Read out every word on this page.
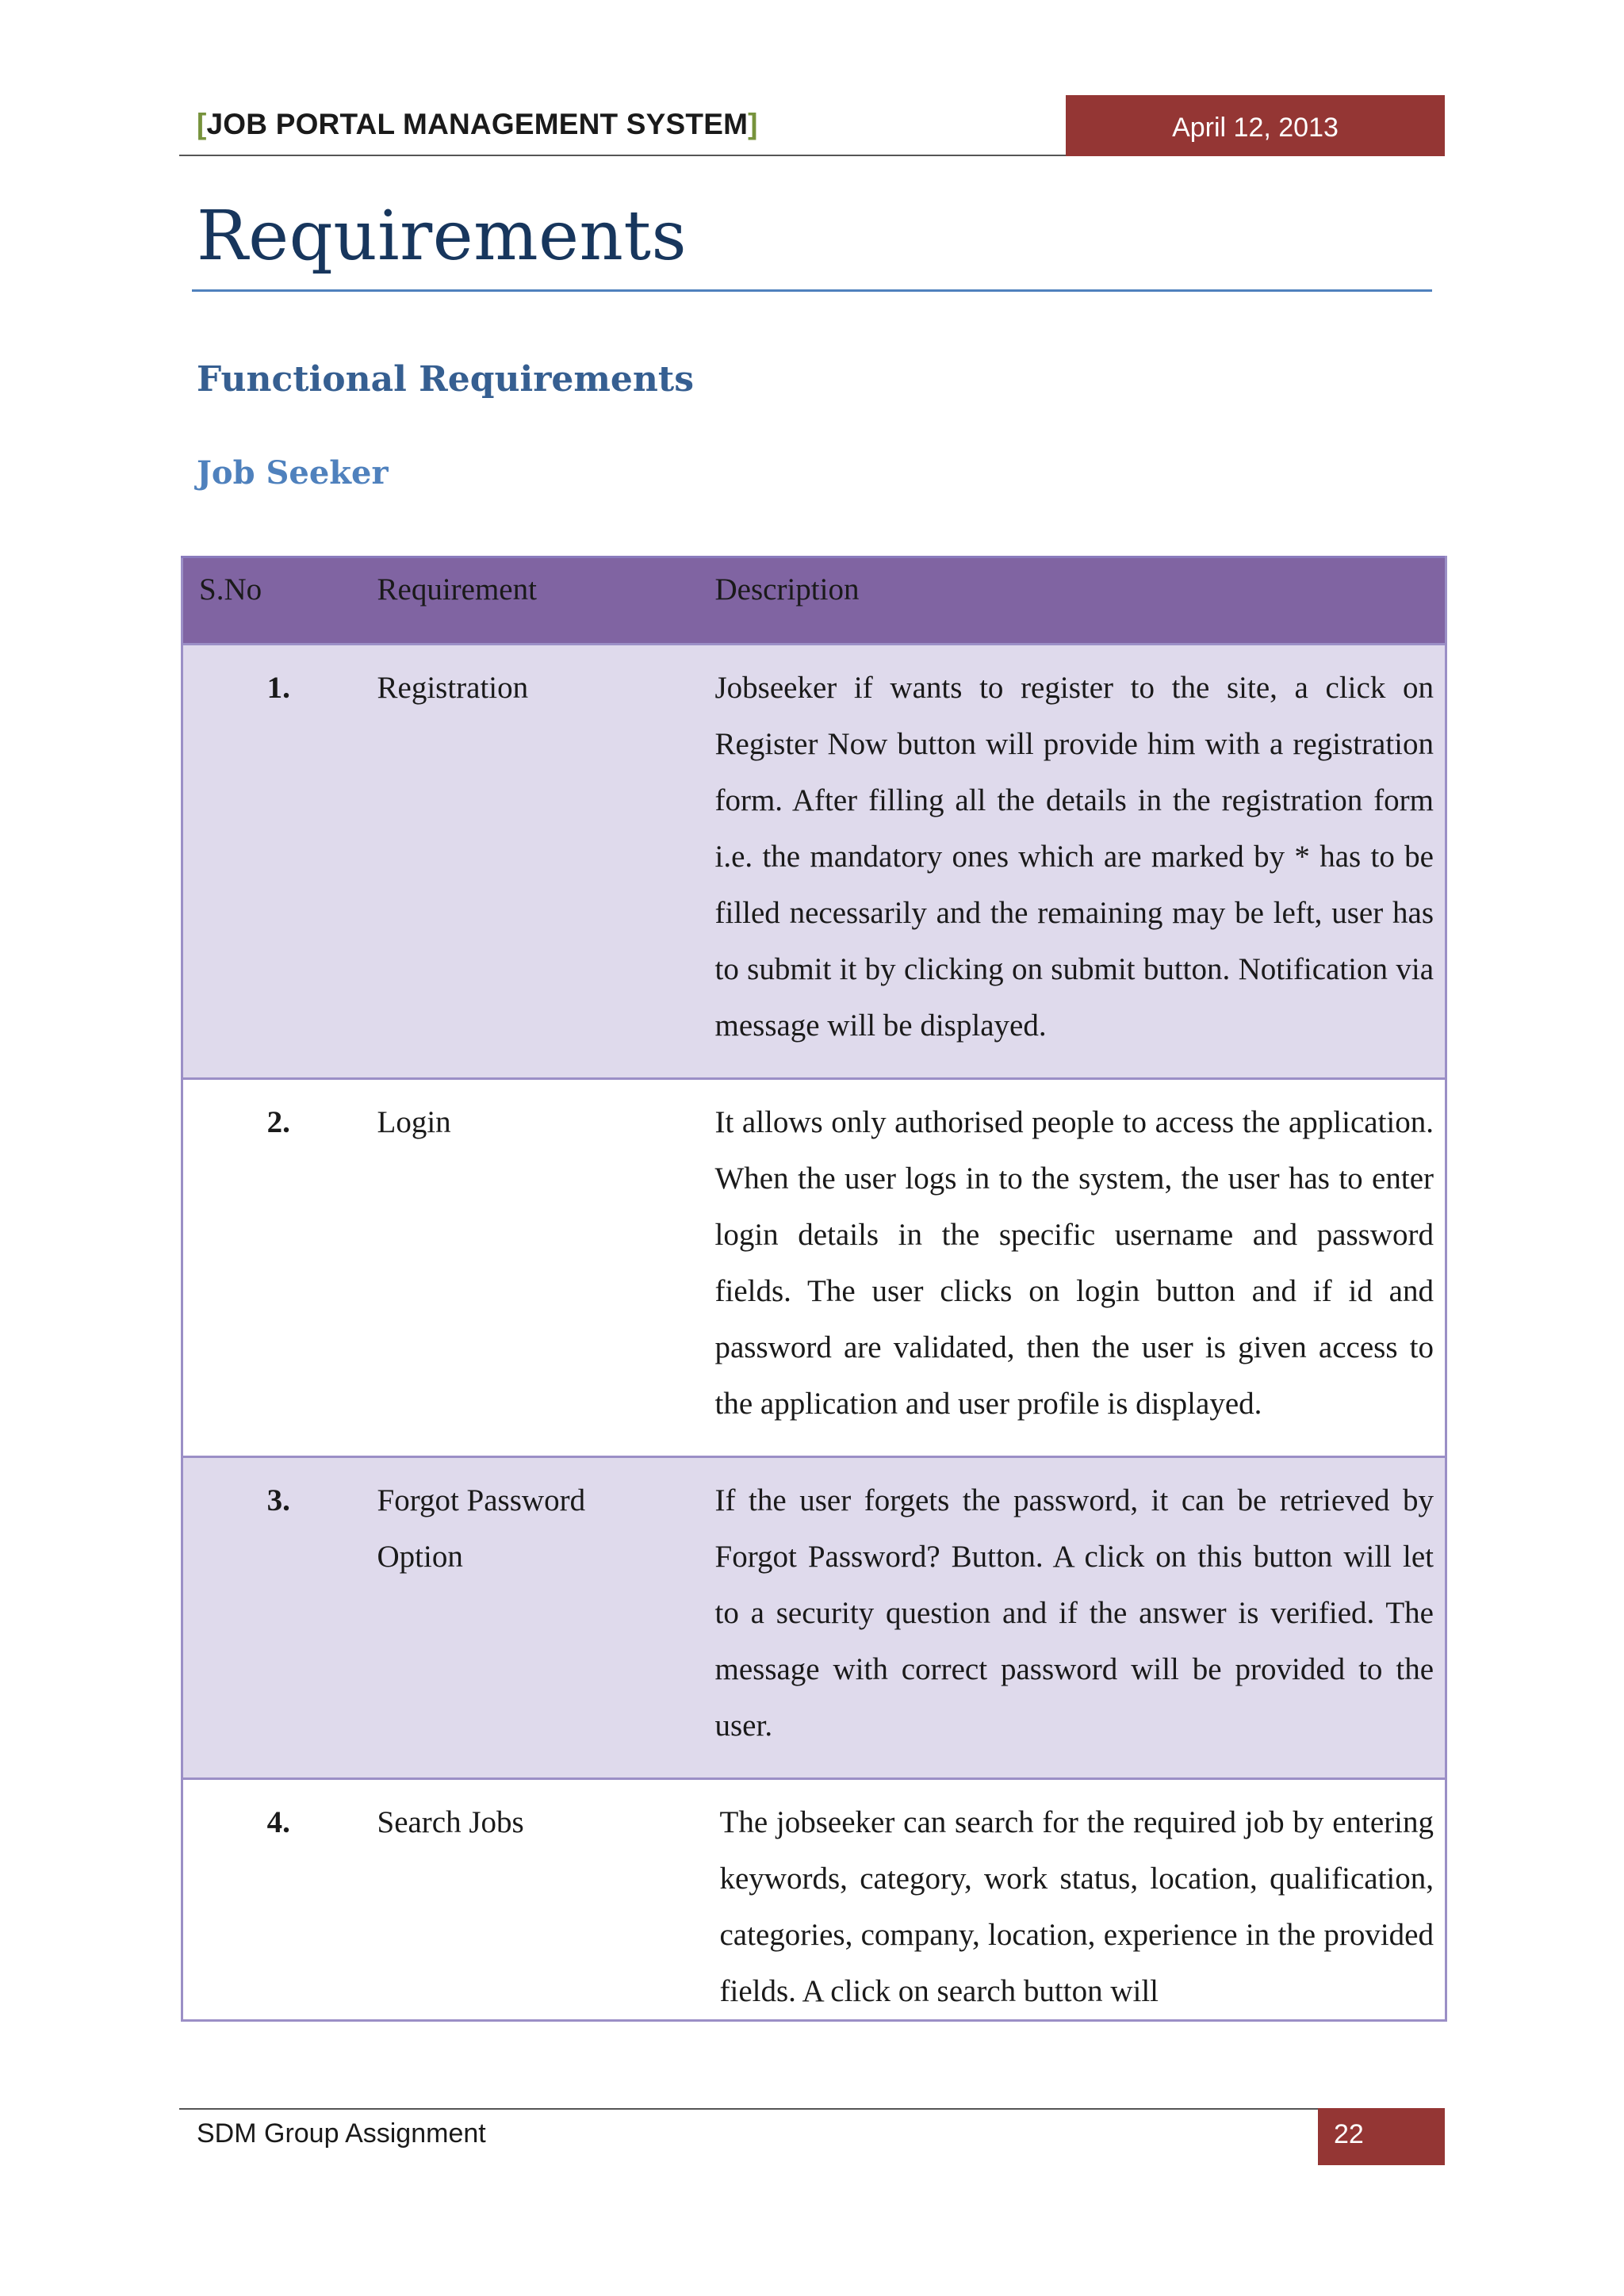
[JOB PORTAL MANAGEMENT SYSTEM]	April 12, 2013
Requirements
Functional Requirements
Job Seeker
S.No	Requirement	Description

1.	Registration	Jobseeker if wants to register to the site, a click on Register Now button will provide him with a registration form. After filling all the details in the registration form i.e. the mandatory ones which are marked by * has to be filled necessarily and the remaining may be left, user has to submit it by clicking on submit button. Notification via message will be displayed.

2.	Login	It allows only authorised people to access the application. When the user logs in to the system, the user has to enter login details in the specific username and password fields. The user clicks on login button and if id and password are validated, then the user is given access to the application and user profile is displayed.

3.	Forgot Password Option	If the user forgets the password, it can be retrieved by Forgot Password? Button. A click on this button will let to a security question and if the answer is verified. The message with correct password will be provided to the user.

4.	Search Jobs	The jobseeker can search for the required job by entering keywords, category, work status, location, qualification, categories, company, location, experience in the provided fields. A click on search button will
SDM Group Assignment	22
